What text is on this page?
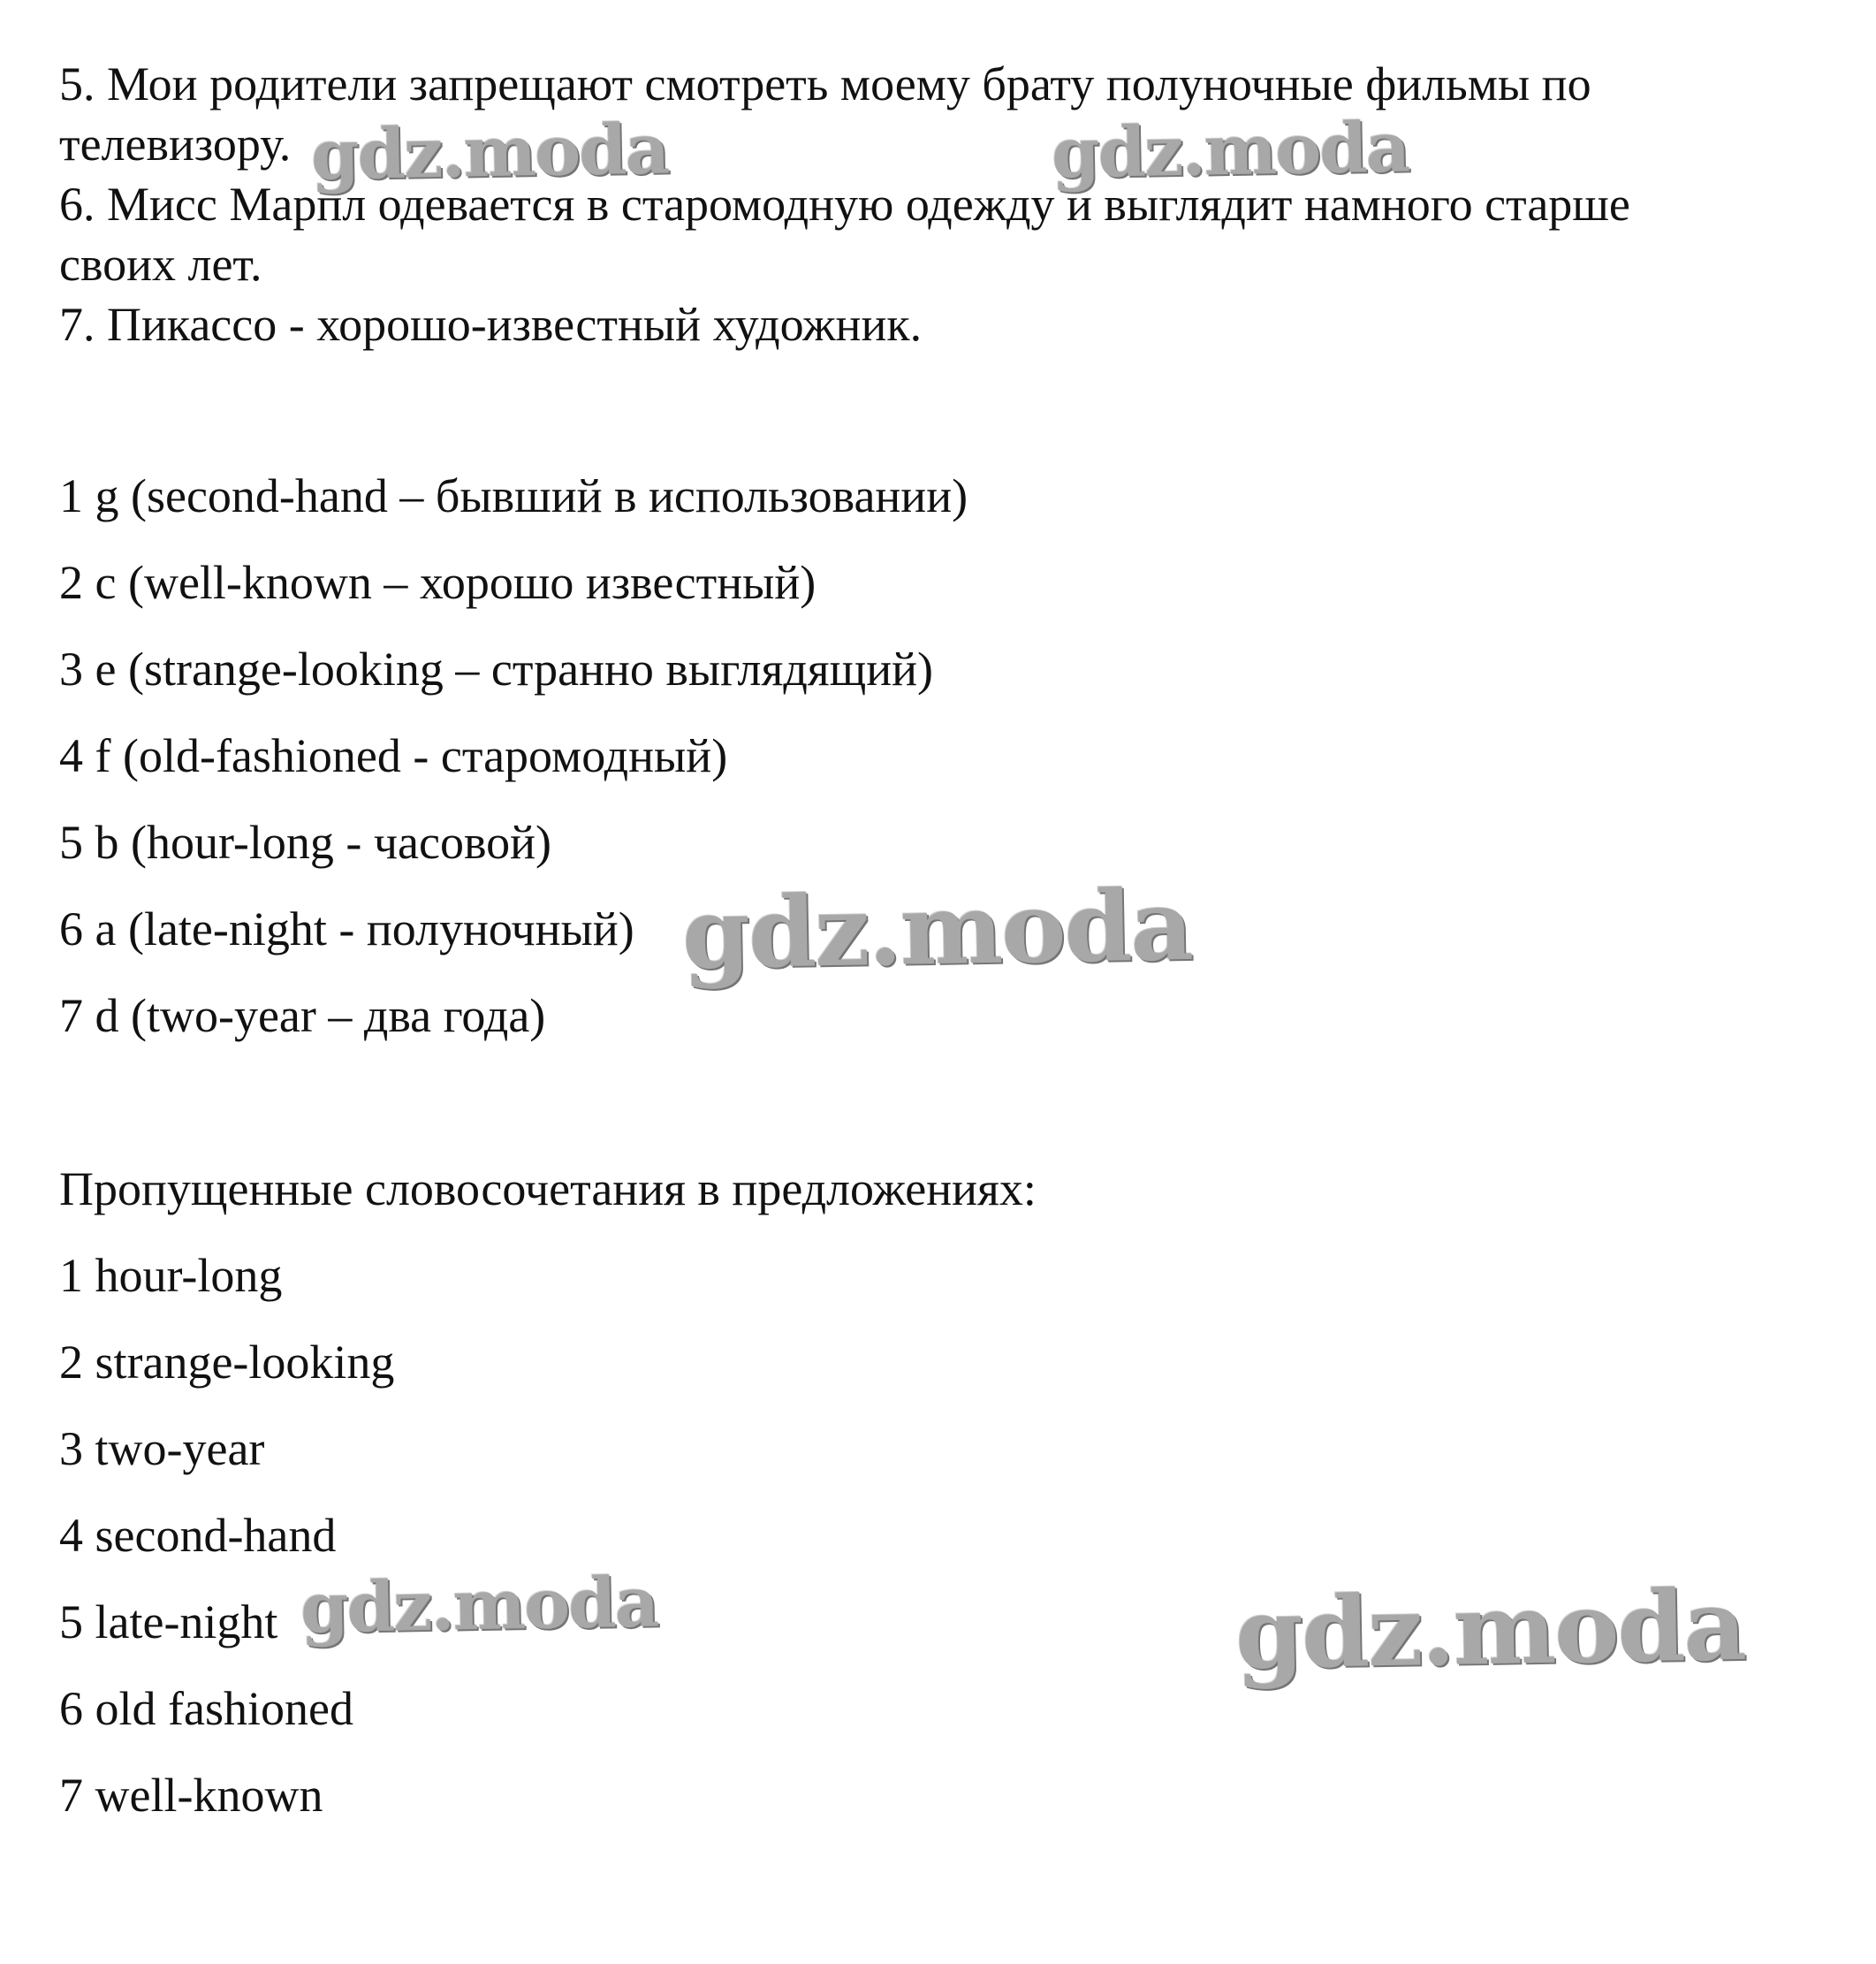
5. Мои родители запрещают смотреть моему брату полуночные фильмы по

телевизору.

6. Мисс Марпл одевается в старомодную одежду и выглядит намного старше

своих лет.

7. Пикассо - хорошо-известный художник.

1 g (second-hand – бывший в использовании)

2 c (well-known – хорошо известный)

3 e (strange-looking – странно выглядящий)

4 f (old-fashioned - старомодный)

5 b (hour-long - часовой)

6 a (late-night - полуночный)

7 d (two-year – два года)

Пропущенные словосочетания в предложениях:

1 hour-long

2 strange-looking

3 two-year

4 second-hand

5 late-night

6 old fashioned

7 well-known

gdz.moda	gdz.moda
gdz.moda
gdz.moda	gdz.moda
